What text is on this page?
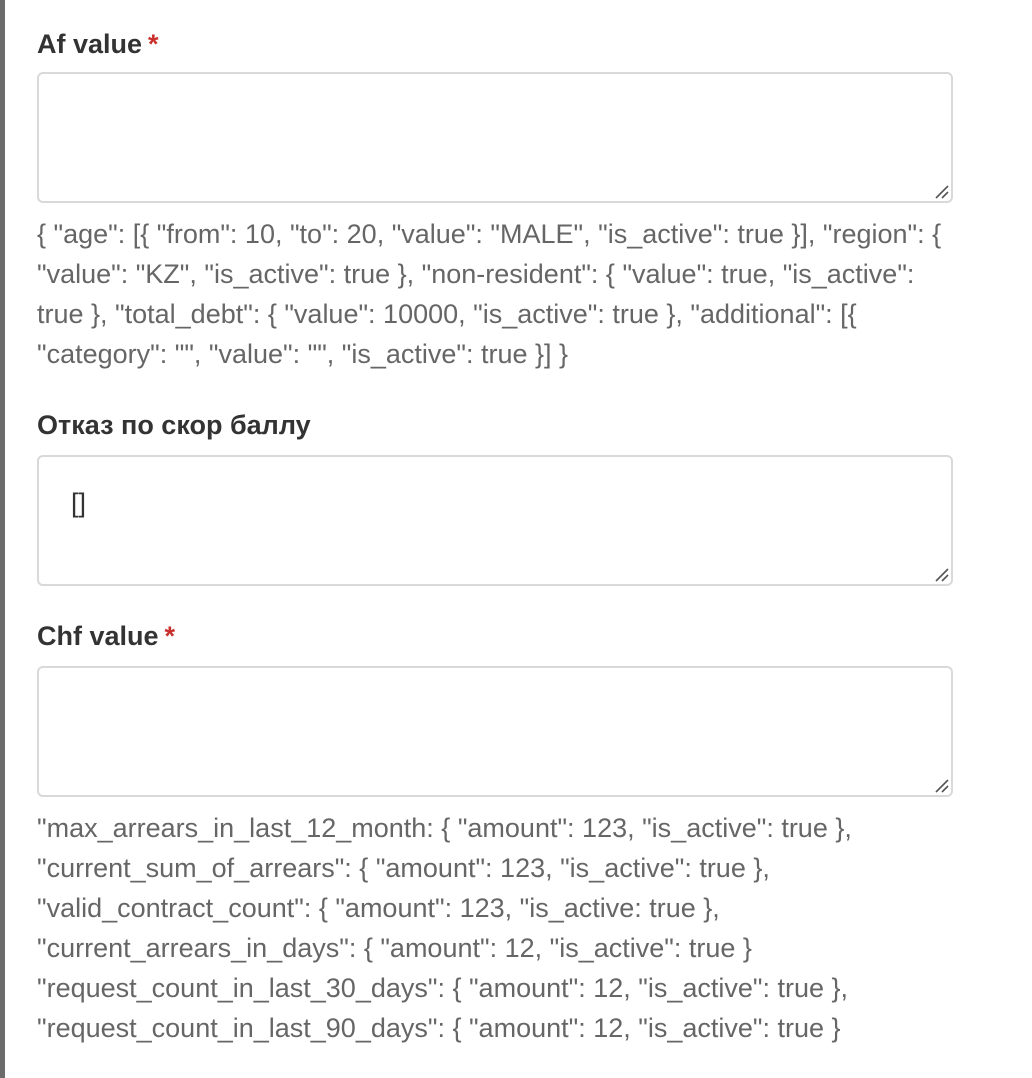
Af value *
{ "age": [{ "from": 10, "to": 20, "value": "MALE", "is_active": true }], "region": { "value": "KZ", "is_active": true }, "non-resident": { "value": true, "is_active": true }, "total_debt": { "value": 10000, "is_active": true }, "additional": [{ "category": "", "value": "", "is_active": true }] }
Отказ по скор баллу
[]
Chf value *
"max_arrears_in_last_12_month: { "amount": 123, "is_active": true },
"current_sum_of_arrears": { "amount": 123, "is_active": true },
"valid_contract_count": { "amount": 123, "is_active: true },
"current_arrears_in_days": { "amount": 12, "is_active": true }
"request_count_in_last_30_days": { "amount": 12, "is_active": true },
"request_count_in_last_90_days": { "amount": 12, "is_active": true }
